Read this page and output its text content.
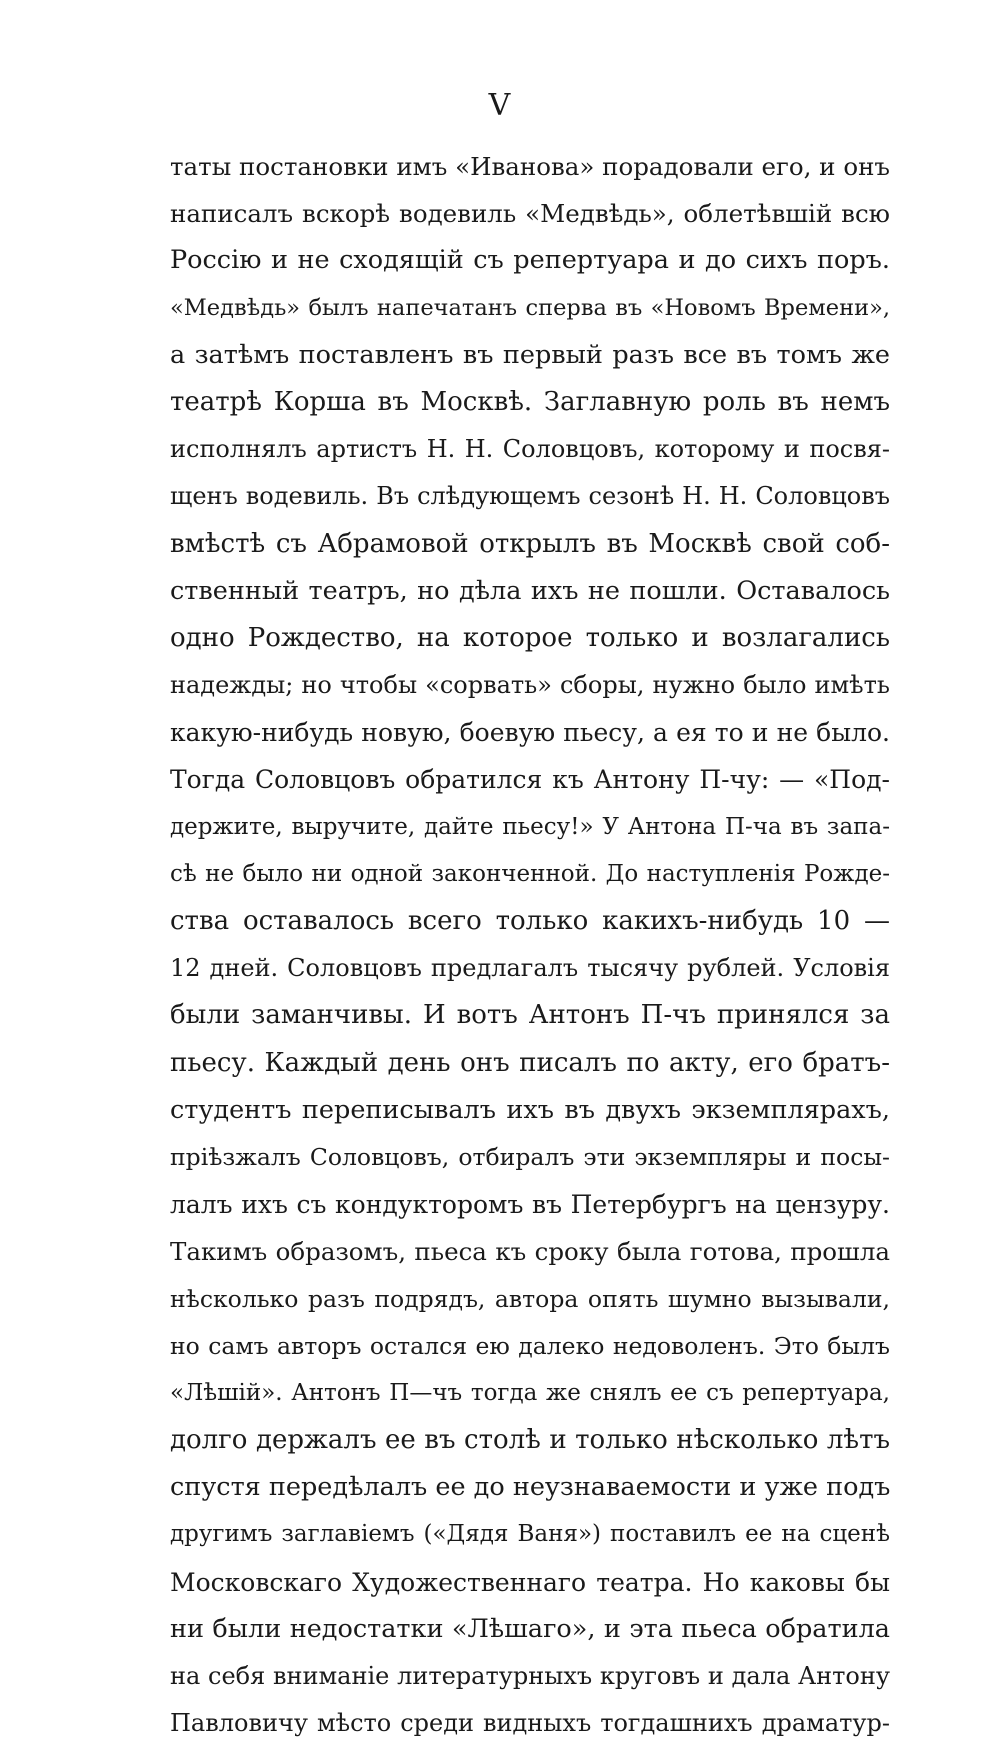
V
таты постановки имъ «Иванова» порадовали его, и онъ
написалъ вскорѣ водевиль «Медвѣдь», облетѣвшій всю
Россію и не сходящій съ репертуара и до сихъ поръ.
«Медвѣдь» былъ напечатанъ сперва въ «Новомъ Времени»,
а затѣмъ поставленъ въ первый разъ все въ томъ же
театрѣ Корша въ Москвѣ. Заглавную роль въ немъ
исполнялъ артистъ Н. Н. Соловцовъ, которому и посвя-
щенъ водевиль. Въ слѣдующемъ сезонѣ Н. Н. Соловцовъ
вмѣстѣ съ Абрамовой открылъ въ Москвѣ свой соб-
ственный театръ, но дѣла ихъ не пошли. Оставалось
одно Рождество, на которое только и возлагались
надежды; но чтобы «сорвать» сборы, нужно было имѣть
какую-нибудь новую, боевую пьесу, а ея то и не было.
Тогда Соловцовъ обратился къ Антону П-чу: — «Под-
держите, выручите, дайте пьесу!» У Антона П-ча въ запа-
сѣ не было ни одной законченной. До наступленія Рожде-
ства оставалось всего только какихъ-нибудь 10 —
12 дней. Соловцовъ предлагалъ тысячу рублей. Условія
были заманчивы. И вотъ Антонъ П-чъ принялся за
пьесу. Каждый день онъ писалъ по акту, его братъ-
студентъ переписывалъ ихъ въ двухъ экземплярахъ,
пріѣзжалъ Соловцовъ, отбиралъ эти экземпляры и посы-
лалъ ихъ съ кондукторомъ въ Петербургъ на цензуру.
Такимъ образомъ, пьеса къ сроку была готова, прошла
нѣсколько разъ подрядъ, автора опять шумно вызывали,
но самъ авторъ остался ею далеко недоволенъ. Это былъ
«Лѣшій». Антонъ П—чъ тогда же снялъ ее съ репертуара,
долго держалъ ее въ столѣ и только нѣсколько лѣтъ
спустя передѣлалъ ее до неузнаваемости и уже подъ
другимъ заглавіемъ («Дядя Ваня») поставилъ ее на сценѣ
Московскаго Художественнаго театра. Но каковы бы
ни были недостатки «Лѣшаго», и эта пьеса обратила
на себя вниманіе литературныхъ круговъ и дала Антону
Павловичу мѣсто среди видныхъ тогдашнихъ драматур-
